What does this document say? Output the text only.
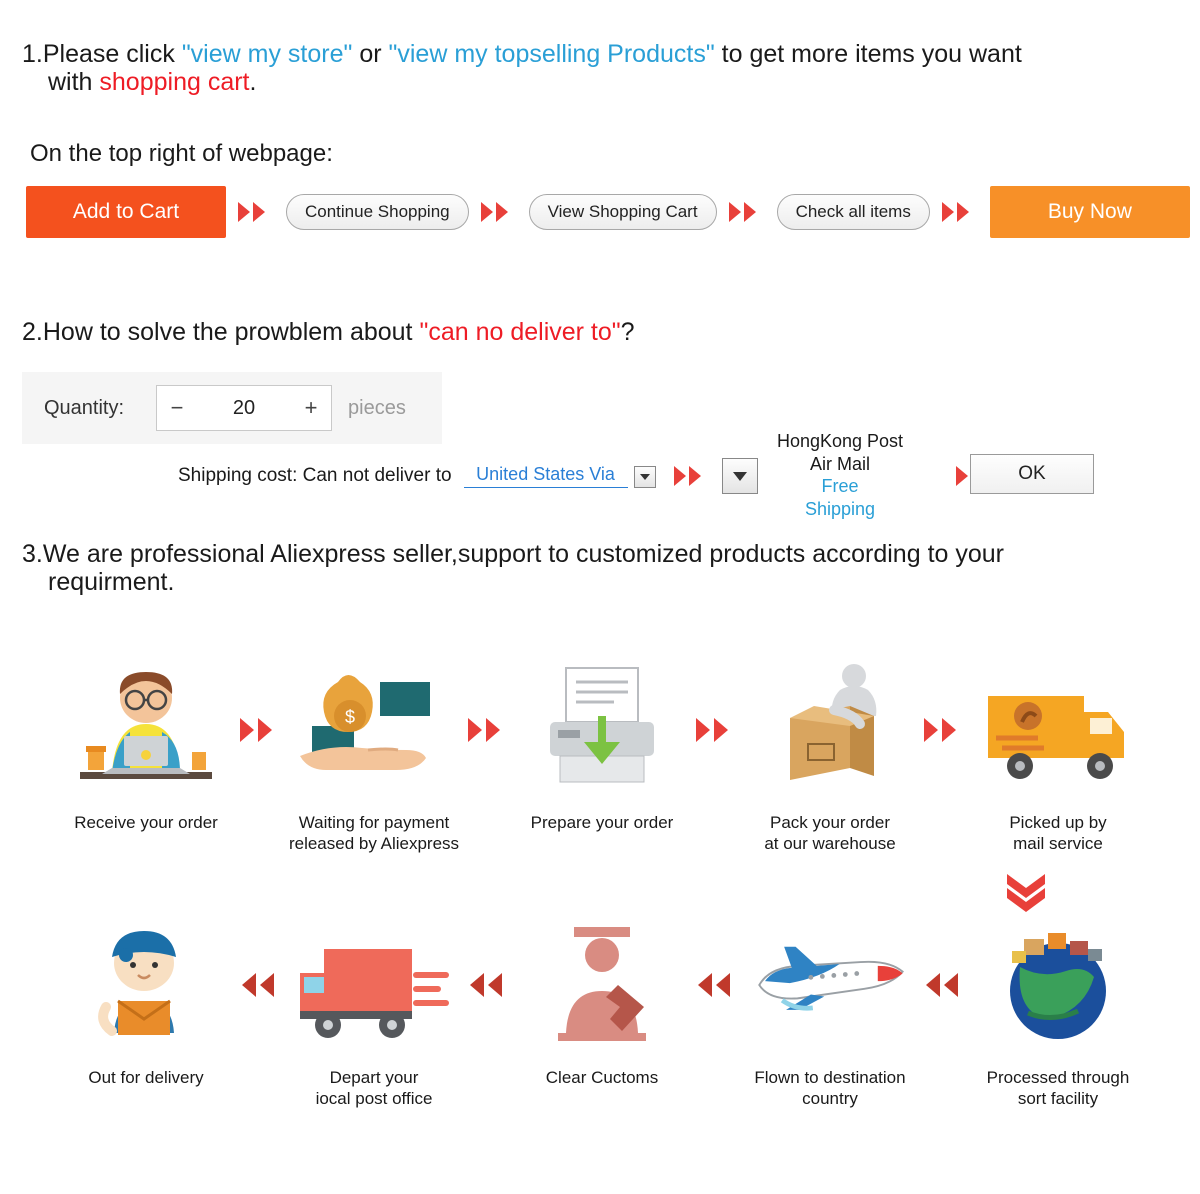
1.Please click "view my store" or "view my topselling Products" to get more items you want
with shopping cart.
On the top right of webpage:
Add to Cart	Continue Shopping	View Shopping Cart	Check all items	Buy Now
2.How to solve the prowblem about "can no deliver to"?
Quantity:	−	20	+	pieces
Shipping cost: Can not deliver to	United States Via
HongKong Post
Air Mail
Free
Shipping
OK
3.We are professional Aliexpress seller,support to customized products according to your
requirment.
Receive your order
$
Waiting for payment
released by Aliexpress
Prepare your order	Pack your order
at our warehouse
Picked up by
mail service
Out for delivery	Depart your
iocal post office
Clear Cuctoms	Flown to destination
country
Processed through
sort facility
